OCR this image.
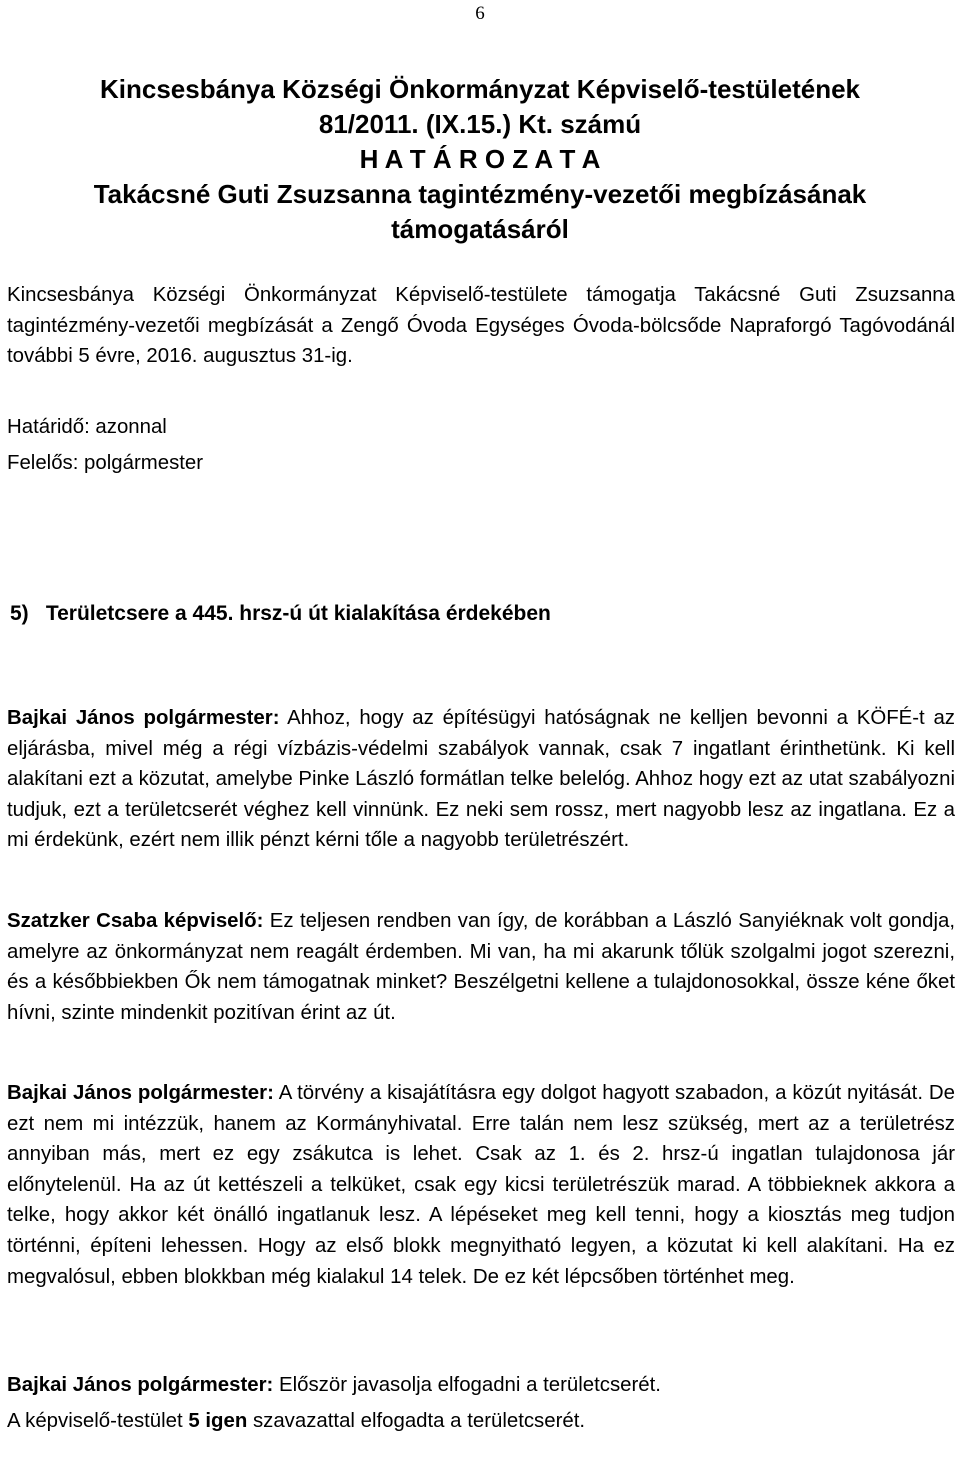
6
Kincsesbánya Községi Önkormányzat Képviselő-testületének
81/2011. (IX.15.) Kt. számú
H A T Á R O Z A T A
Takácsné Guti Zsuzsanna tagintézmény-vezetői megbízásának
támogatásáról
Kincsesbánya Községi Önkormányzat Képviselő-testülete támogatja Takácsné Guti Zsuzsanna tagintézmény-vezetői megbízását a Zengő Óvoda Egységes Óvoda-bölcsőde Napraforgó Tagóvodánál további 5 évre, 2016. augusztus 31-ig.
Határidő: azonnal
Felelős: polgármester
5) Területcsere a 445. hrsz-ú út kialakítása érdekében
Bajkai János polgármester: Ahhoz, hogy az építésügyi hatóságnak ne kelljen bevonni a KÖFÉ-t az eljárásba, mivel még a régi vízbázis-védelmi szabályok vannak, csak 7 ingatlant érinthetünk. Ki kell alakítani ezt a közutat, amelybe Pinke László formátlan telke belelóg. Ahhoz hogy ezt az utat szabályozni tudjuk, ezt a területcserét véghez kell vinnünk. Ez neki sem rossz, mert nagyobb lesz az ingatlana. Ez a mi érdekünk, ezért nem illik pénzt kérni tőle a nagyobb területrészért.
Szatzker Csaba képviselő: Ez teljesen rendben van így, de korábban a László Sanyiéknak volt gondja, amelyre az önkormányzat nem reagált érdemben. Mi van, ha mi akarunk tőlük szolgalmi jogot szerezni, és a későbbiekben Ők nem támogatnak minket? Beszélgetni kellene a tulajdonosokkal, össze kéne őket hívni, szinte mindenkit pozitívan érint az út.
Bajkai János polgármester: A törvény a kisajátításra egy dolgot hagyott szabadon, a közút nyitását. De ezt nem mi intézzük, hanem az Kormányhivatal. Erre talán nem lesz szükség, mert az a területrész annyiban más, mert ez egy zsákutca is lehet. Csak az 1. és 2. hrsz-ú ingatlan tulajdonosa jár előnytelenül. Ha az út kettészeli a telküket, csak egy kicsi területrészük marad. A többieknek akkora a telke, hogy akkor két önálló ingatlanuk lesz. A lépéseket meg kell tenni, hogy a kiosztás meg tudjon történni, építeni lehessen. Hogy az első blokk megnyitható legyen, a közutat ki kell alakítani. Ha ez megvalósul, ebben blokkban még kialakul 14 telek. De ez két lépcsőben történhet meg.
Bajkai János polgármester: Először javasolja elfogadni a területcserét.
A képviselő-testület 5 igen szavazattal elfogadta a területcserét.
